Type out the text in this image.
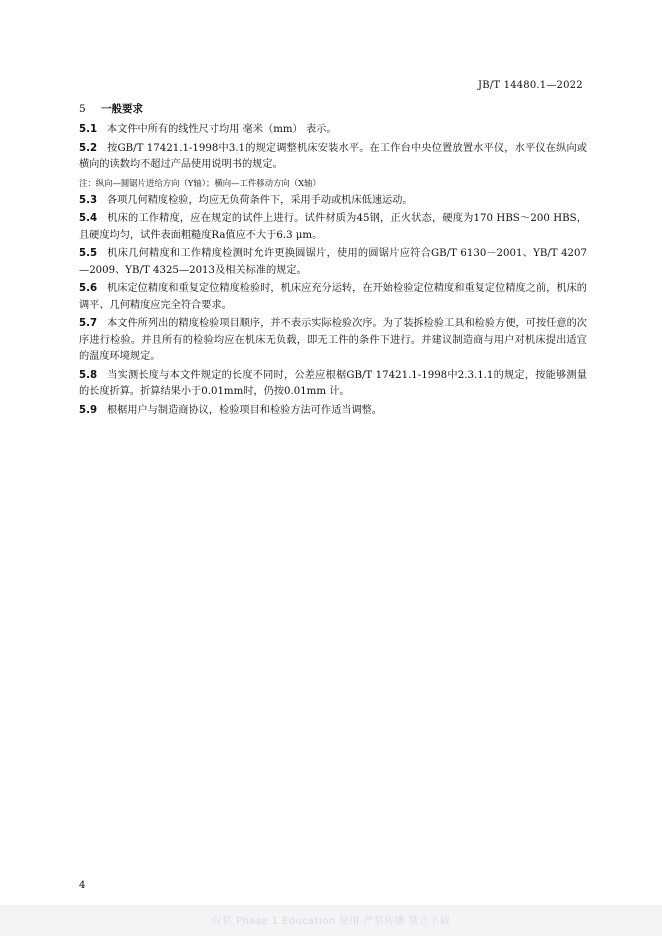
JB/T 14480.1—2022
5 一般要求
5.1 本文件中所有的线性尺寸均用 毫米（mm） 表示。
5.2 按GB/T 17421.1-1998中3.1的规定调整机床安装水平。在工作台中央位置放置水平仪，水平仪在纵向或横向的读数均不超过产品使用说明书的规定。
注：纵向—圆锯片进给方向（Y轴）；横向—工件移动方向（X轴）
5.3 各项几何精度检验，均应无负荷条件下，采用手动或机床低速运动。
5.4 机床的工作精度，应在规定的试件上进行。试件材质为45钢，正火状态，硬度为170 HBS～200 HBS，且硬度均匀，试件表面粗糙度Ra值应不大于6.3 μm。
5.5 机床几何精度和工作精度检测时允许更换圆锯片，使用的圆锯片应符合GB/T 6130－2001、YB/T 4207—2009、YB/T 4325—2013及相关标准的规定。
5.6 机床定位精度和重复定位精度检验时，机床应充分运转，在开始检验定位精度和重复定位精度之前，机床的调平、几何精度应完全符合要求。
5.7 本文件所列出的精度检验项目顺序，并不表示实际检验次序。为了装拆检验工具和检验方便，可按任意的次序进行检验。并且所有的检验均应在机床无负载，即无工件的条件下进行。并建议制造商与用户对机床提出适宜的温度环境规定。
5.8 当实测长度与本文件规定的长度不同时，公差应根椐GB/T 17421.1-1998中2.3.1.1的规定，按能够测量的长度折算。折算结果小于0.01mm时，仍按0.01mm 计。
5.9 根椐用户与制造商协议，检验项目和检验方法可作适当调整。
4
仅供 Phase 1 Education 使用 严禁传播 禁止下载
